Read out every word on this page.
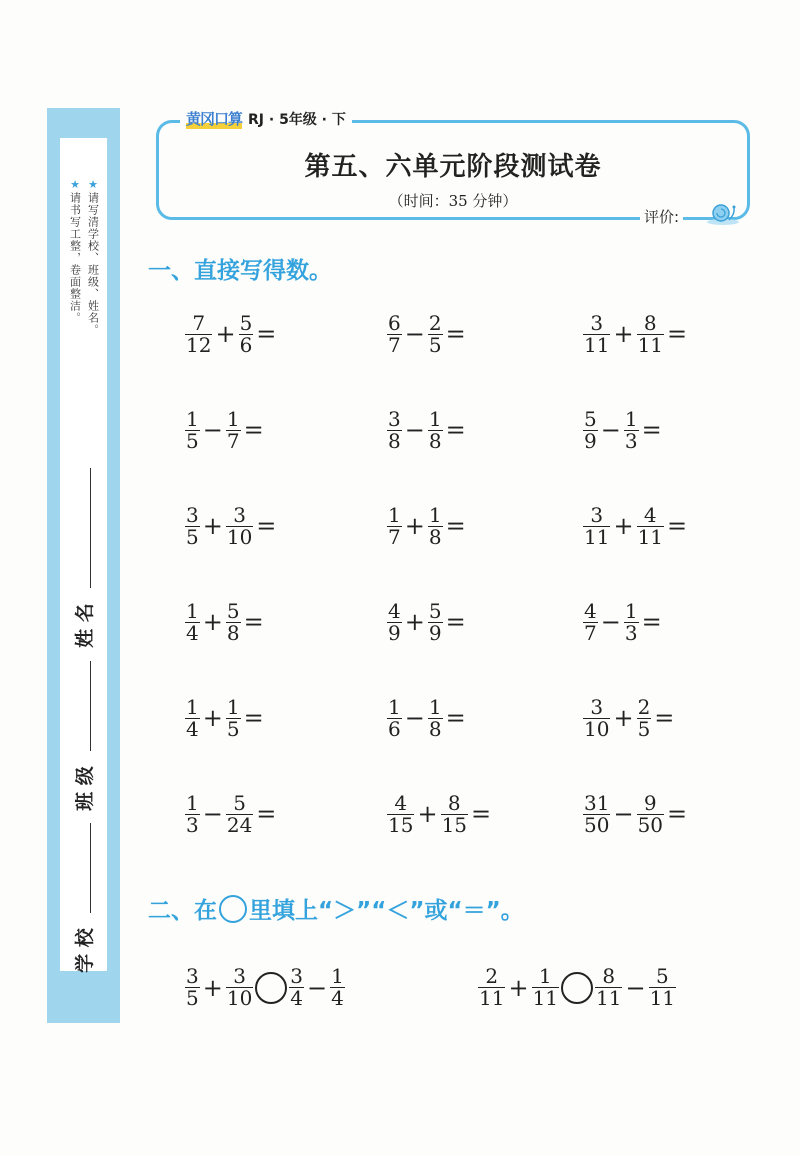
★请写清学校、班级、姓名。
★请书写工整，卷面整洁。
姓 名
班 级
学 校
黄冈口算 RJ · 5年级 · 下
第五、六单元阶段测试卷
（时间：35 分钟）
评价:
一、直接写得数。
$\frac{7}{12} + \frac{5}{6}$ =	$\frac{6}{7} - \frac{2}{5}$ =	$\frac{3}{11} + \frac{8}{11}$ =
$\frac{1}{5} - \frac{1}{7}$ =	$\frac{3}{8} - \frac{1}{8}$ =	$\frac{5}{9} - \frac{1}{3}$ =
$\frac{3}{5} + \frac{3}{10}$ =	$\frac{1}{7} + \frac{1}{8}$ =	$\frac{3}{11} + \frac{4}{11}$ =
$\frac{1}{4} + \frac{5}{8}$ =	$\frac{4}{9} + \frac{5}{9}$ =	$\frac{4}{7} - \frac{1}{3}$ =
$\frac{1}{4} + \frac{1}{5}$ =	$\frac{1}{6} - \frac{1}{8}$ =	$\frac{3}{10} + \frac{2}{5}$ =
$\frac{1}{3} - \frac{5}{24}$ =	$\frac{4}{15} + \frac{8}{15}$ =	$\frac{31}{50} - \frac{9}{50}$ =
二、在 里填上“＞”“＜”或“＝”。
$\frac{3}{5} + \frac{3}{10} \frac{3}{4} - \frac{1}{4}$	$\frac{2}{11} + \frac{1}{11} \frac{8}{11} - \frac{5}{11}$
